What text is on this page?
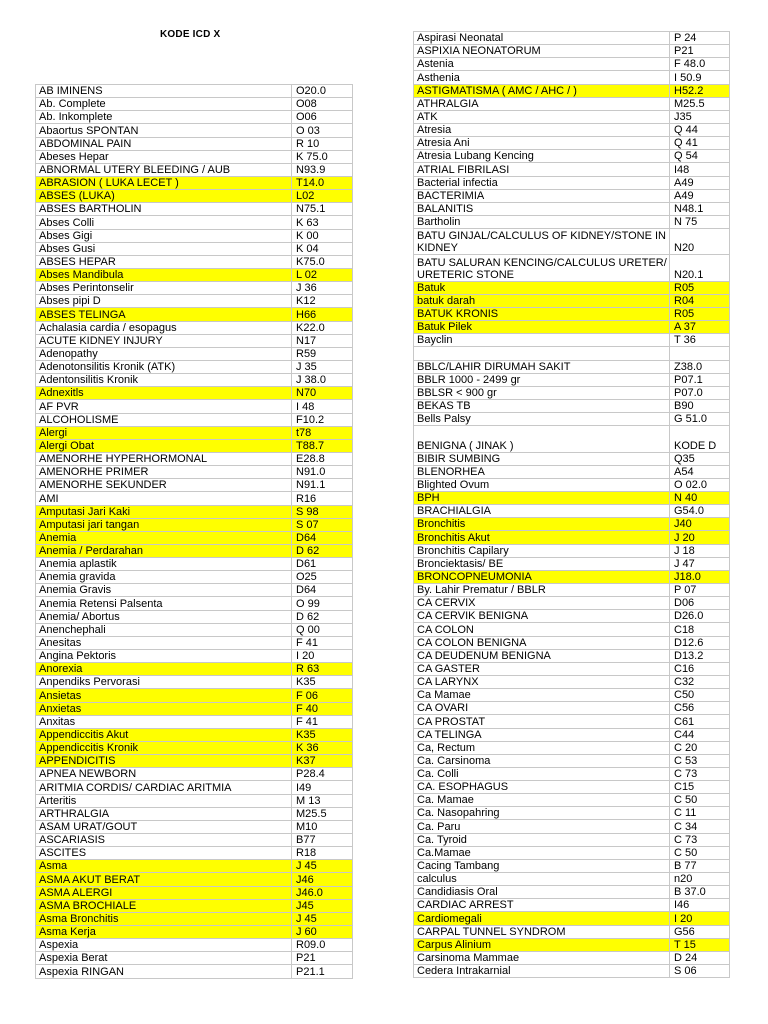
KODE ICD X
AB IMINENS	O20.0
Ab. Complete	O08
Ab. Inkomplete	O06
Abaortus SPONTAN	O 03
ABDOMINAL PAIN	R 10
Abeses Hepar	K 75.0
ABNORMAL UTERY BLEEDING / AUB	N93.9
ABRASION ( LUKA LECET )	T14.0
ABSES (LUKA)	L02
ABSES BARTHOLIN	N75.1
Abses Colli	K 63
Abses Gigi	K 00
Abses Gusi	K 04
ABSES HEPAR	K75.0
Abses Mandibula	L 02
Abses Perintonselir	J 36
Abses pipi D	K12
ABSES TELINGA	H66
Achalasia cardia / esopagus	K22.0
ACUTE KIDNEY INJURY	N17
Adenopathy	R59
Adenotonsilitis Kronik (ATK)	J 35
Adentonsilitis Kronik	J 38.0
Adnexitls	N70
AF PVR	I 48
ALCOHOLISME	F10.2
Alergi	t78
Alergi Obat	T88.7
AMENORHE HYPERHORMONAL	E28.8
AMENORHE PRIMER	N91.0
AMENORHE SEKUNDER	N91.1
AMI	R16
Amputasi Jari Kaki	S 98
Amputasi jari tangan	S 07
Anemia	D64
Anemia / Perdarahan	D 62
Anemia aplastik	D61
Anemia gravida	O25
Anemia Gravis	D64
Anemia Retensi Palsenta	O 99
Anemia/ Abortus	D 62
Anenchephali	Q 00
Anesitas	F 41
Angina Pektoris	I 20
Anorexia	R 63
Anpendiks Pervorasi	K35
Ansietas	F 06
Anxietas	F 40
Anxitas	F 41
Appendiccitis Akut	K35
Appendiccitis Kronik	K 36
APPENDICITIS	K37
APNEA NEWBORN	P28.4
ARITMIA CORDIS/ CARDIAC ARITMIA	I49
Arteritis	M 13
ARTHRALGIA	M25.5
ASAM URAT/GOUT	M10
ASCARIASIS	B77
ASCITES	R18
Asma	J 45
ASMA AKUT BERAT	J46
ASMA ALERGI	J46.0
ASMA BROCHIALE	J45
Asma Bronchitis	J 45
Asma Kerja	J 60
Aspexia	R09.0
Aspexia Berat	P21
Aspexia RINGAN	P21.1
Aspirasi Neonatal	P 24
ASPIXIA NEONATORUM	P21
Astenia	F 48.0
Asthenia	I 50.9
ASTIGMATISMA ( AMC / AHC / )	H52.2
ATHRALGIA	M25.5
ATK	J35
Atresia	Q 44
Atresia Ani	Q 41
Atresia Lubang Kencing	Q 54
ATRIAL FIBRILASI	I48
Bacterial infectia	A49
BACTERIMIA	A49
BALANITIS	N48.1
Bartholin	N 75
BATU GINJAL/CALCULUS OF KIDNEY/STONE IN KIDNEY	N20
BATU SALURAN KENCING/CALCULUS URETER/ URETERIC STONE	N20.1
Batuk	R05
batuk darah	R04
BATUK KRONIS	R05
Batuk Pilek	A 37
Bayclin	T 36

BBLC/LAHIR DIRUMAH SAKIT	Z38.0
BBLR 1000 - 2499 gr	P07.1
BBLSR < 900 gr	P07.0
BEKAS TB	B90
Bells Palsy	G 51.0
BENIGNA ( JINAK )	KODE D
BIBIR SUMBING	Q35
BLENORHEA	A54
Blighted Ovum	O 02.0
BPH	N 40
BRACHIALGIA	G54.0
Bronchitis	J40
Bronchitis Akut	J 20
Bronchitis Capilary	J 18
Bronciektasis/ BE	J 47
BRONCOPNEUMONIA	J18.0
By. Lahir Prematur / BBLR	P 07
CA CERVIX	D06
CA CERVIK BENIGNA	D26.0
CA COLON	C18
CA COLON BENIGNA	D12.6
CA DEUDENUM BENIGNA	D13.2
CA GASTER	C16
CA LARYNX	C32
Ca Mamae	C50
CA OVARI	C56
CA PROSTAT	C61
CA TELINGA	C44
Ca, Rectum	C 20
Ca. Carsinoma	C 53
Ca. Colli	C 73
CA. ESOPHAGUS	C15
Ca. Mamae	C 50
Ca. Nasopahring	C 11
Ca. Paru	C 34
Ca. Tyroid	C 73
Ca.Mamae	C 50
Cacing Tambang	B 77
calculus	n20
Candidiasis Oral	B 37.0
CARDIAC ARREST	I46
Cardiomegali	I 20
CARPAL TUNNEL SYNDROM	G56
Carpus Alinium	T 15
Carsinoma Mammae	D 24
Cedera Intrakarnial	S 06
